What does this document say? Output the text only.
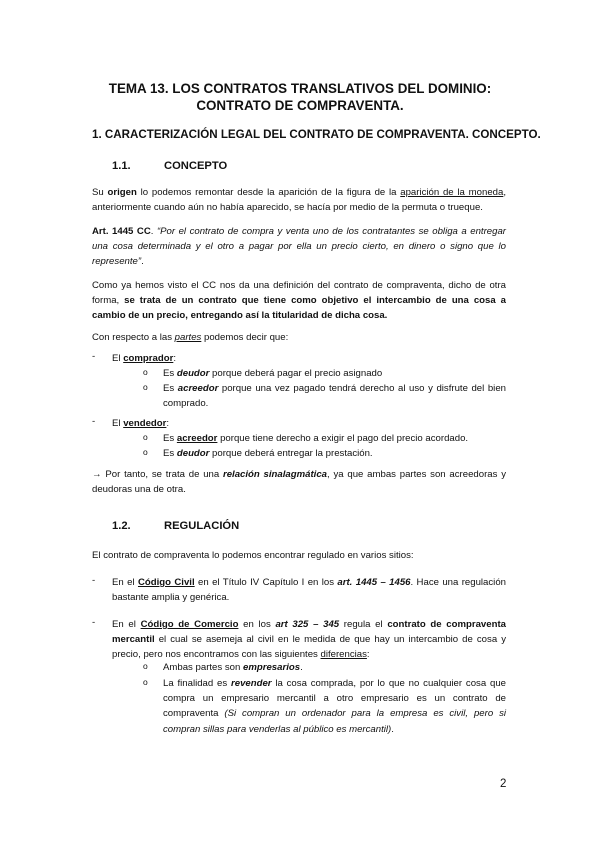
TEMA 13. LOS CONTRATOS TRANSLATIVOS DEL DOMINIO:
CONTRATO DE COMPRAVENTA.
1. CARACTERIZACIÓN LEGAL DEL CONTRATO DE COMPRAVENTA. CONCEPTO.
1.1.	CONCEPTO
Su origen lo podemos remontar desde la aparición de la figura de la aparición de la moneda, anteriormente cuando aún no había aparecido, se hacía por medio de la permuta o trueque.
Art. 1445 CC. “Por el contrato de compra y venta uno de los contratantes se obliga a entregar una cosa determinada y el otro a pagar por ella un precio cierto, en dinero o signo que lo represente”.
Como ya hemos visto el CC nos da una definición del contrato de compraventa, dicho de otra forma, se trata de un contrato que tiene como objetivo el intercambio de una cosa a cambio de un precio, entregando así la titularidad de dicha cosa.
Con respecto a las partes podemos decir que:
- El comprador:
o Es deudor porque deberá pagar el precio asignado
o Es acreedor porque una vez pagado tendrá derecho al uso y disfrute del bien comprado.
- El vendedor:
o Es acreedor porque tiene derecho a exigir el pago del precio acordado.
o Es deudor porque deberá entregar la prestación.
→ Por tanto, se trata de una relación sinalagmática, ya que ambas partes son acreedoras y deudoras una de otra.
1.2.	REGULACIÓN
El contrato de compraventa lo podemos encontrar regulado en varios sitios:
- En el Código Civil en el Título IV Capítulo I en los art. 1445 – 1456. Hace una regulación bastante amplia y genérica.
- En el Código de Comercio en los art 325 – 345 regula el contrato de compraventa mercantil el cual se asemeja al civil en le medida de que hay un intercambio de cosa y precio, pero nos encontramos con las siguientes diferencias:
o Ambas partes son empresarios.
o La finalidad es revender la cosa comprada, por lo que no cualquier cosa que compra un empresario mercantil a otro empresario es un contrato de compraventa (Si compran un ordenador para la empresa es civil, pero si compran sillas para venderlas al público es mercantil).
2
